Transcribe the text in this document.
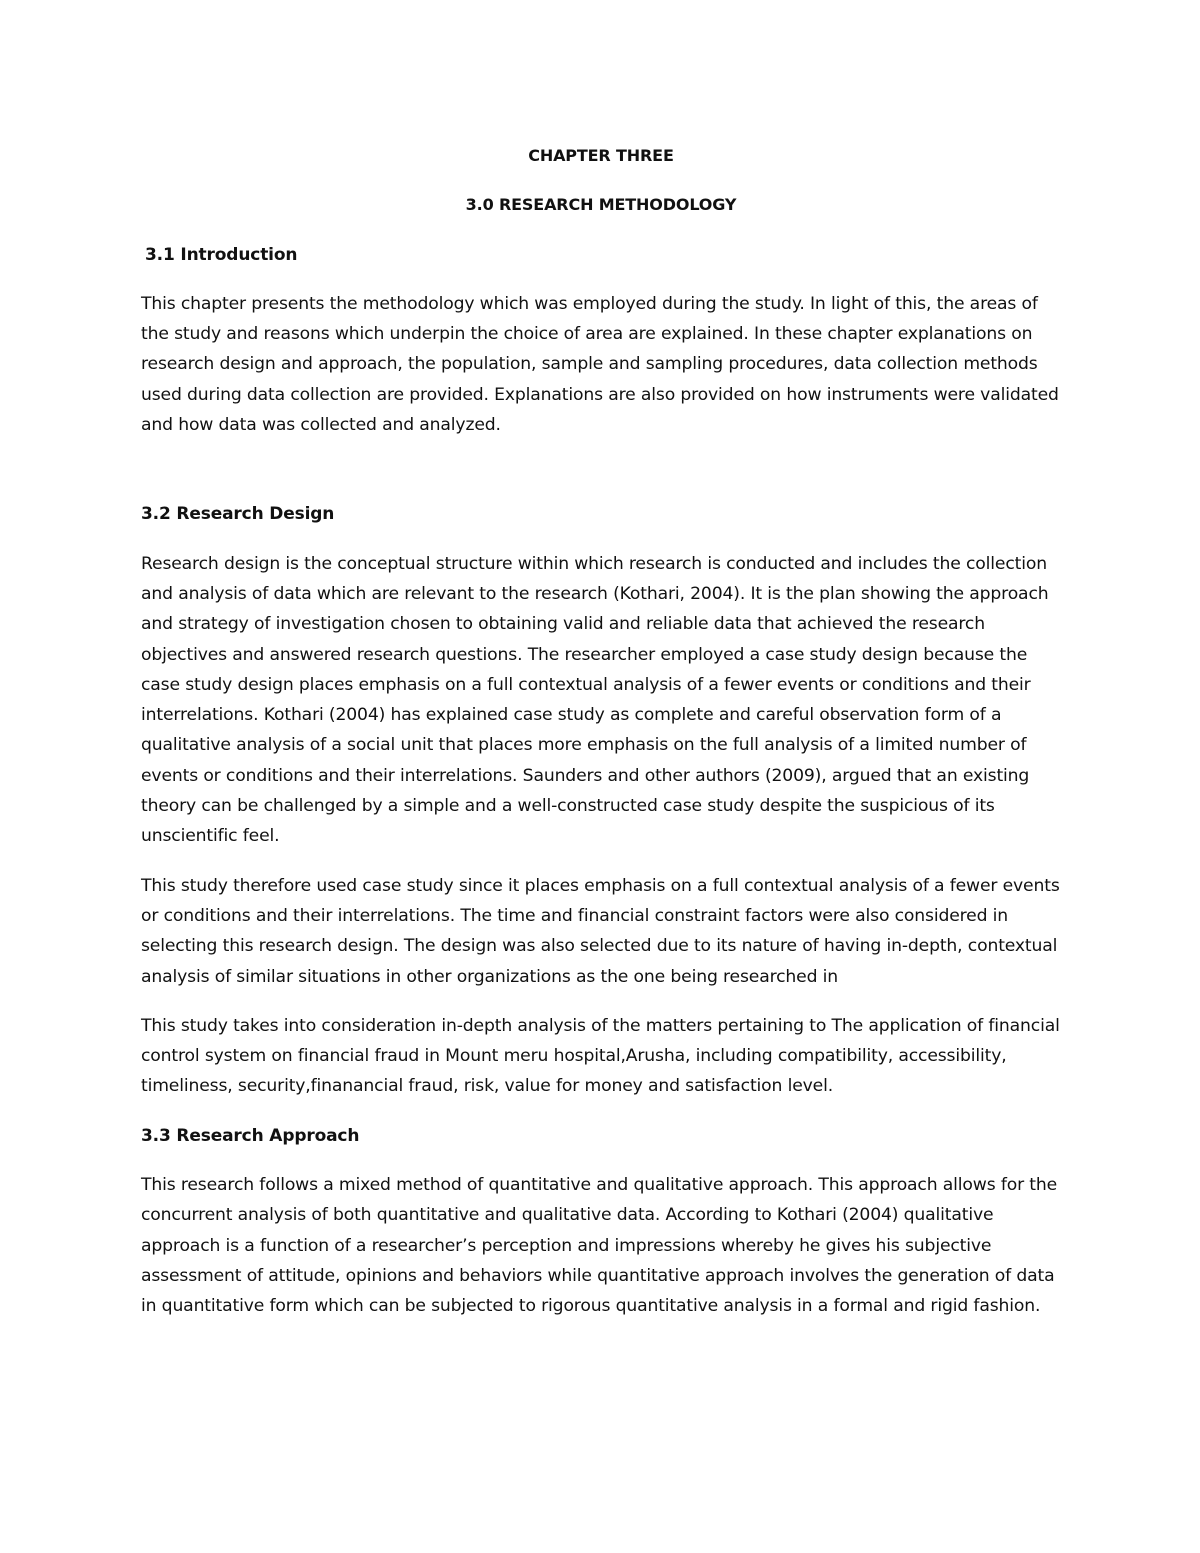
CHAPTER THREE
3.0 RESEARCH METHODOLOGY
3.1 Introduction

This chapter presents the methodology which was employed during the study. In light of this, the areas of the study and reasons which underpin the choice of area are explained. In these chapter explanations on research design and approach, the population, sample and sampling procedures, data collection methods used during data collection are provided. Explanations are also provided on how instruments were validated and how data was collected and analyzed.

3.2 Research Design

Research design is the conceptual structure within which research is conducted and includes the collection and analysis of data which are relevant to the research (Kothari, 2004). It is the plan showing the approach and strategy of investigation chosen to obtaining valid and reliable data that achieved the research objectives and answered research questions. The researcher employed a case study design because the case study design places emphasis on a full contextual analysis of a fewer events or conditions and their interrelations. Kothari (2004) has explained case study as complete and careful observation form of a qualitative analysis of a social unit that places more emphasis on the full analysis of a limited number of events or conditions and their interrelations. Saunders and other authors (2009), argued that an existing theory can be challenged by a simple and a well-constructed case study despite the suspicious of its unscientific feel.

This study therefore used case study since it places emphasis on a full contextual analysis of a fewer events or conditions and their interrelations. The time and financial constraint factors were also considered in selecting this research design. The design was also selected due to its nature of having in-depth, contextual analysis of similar situations in other organizations as the one being researched in

This study takes into consideration in-depth analysis of the matters pertaining to The application of financial control system on financial fraud in Mount meru hospital,Arusha, including compatibility, accessibility, timeliness, security,finanancial fraud, risk, value for money and satisfaction level.

3.3 Research Approach

This research follows a mixed method of quantitative and qualitative approach. This approach allows for the concurrent analysis of both quantitative and qualitative data. According to Kothari (2004) qualitative approach is a function of a researcher’s perception and impressions whereby he gives his subjective assessment of attitude, opinions and behaviors while quantitative approach involves the generation of data in quantitative form which can be subjected to rigorous quantitative analysis in a formal and rigid fashion.
